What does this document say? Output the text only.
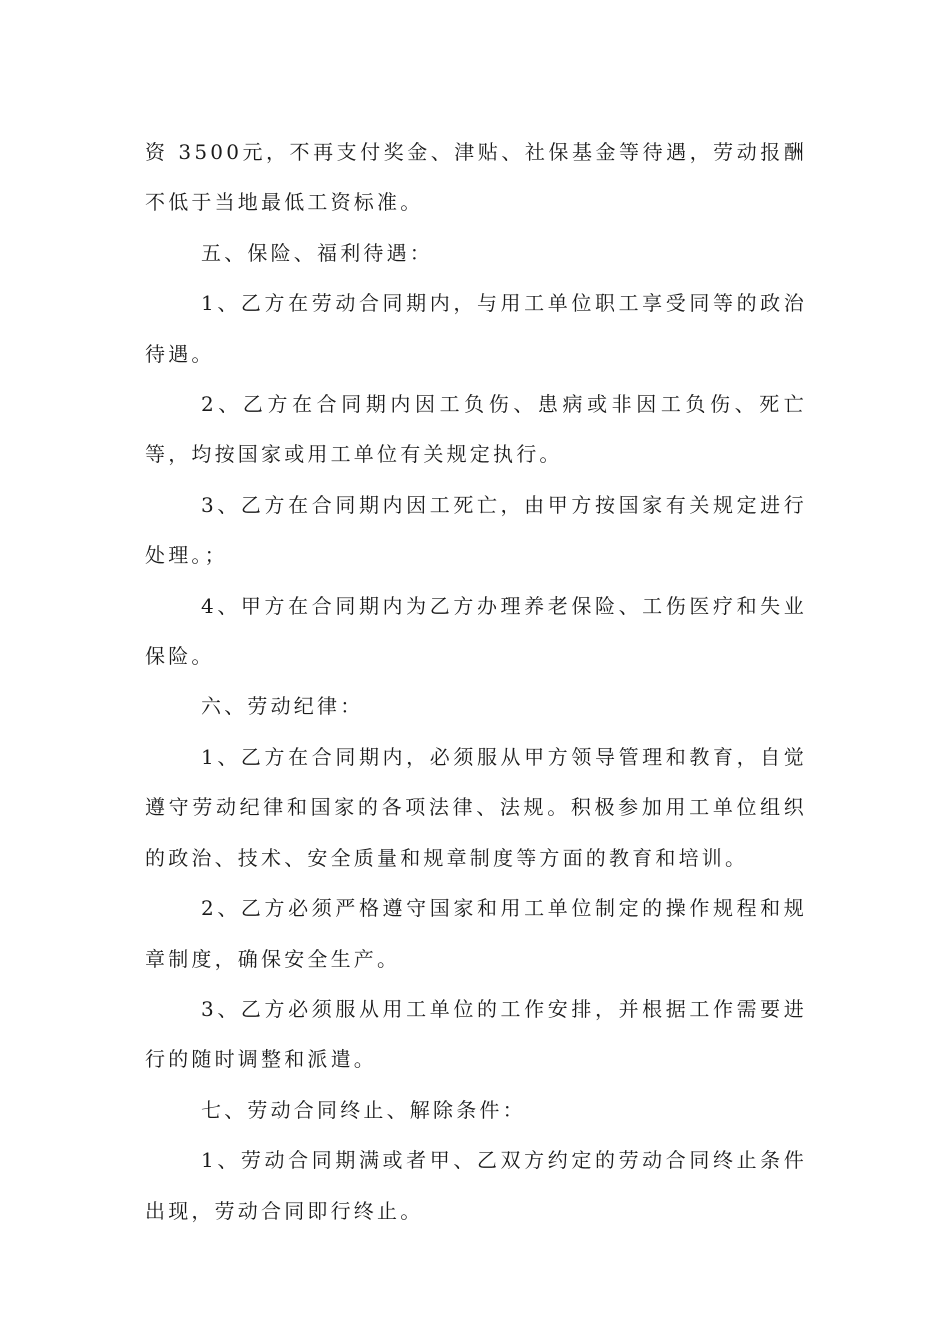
资 3500元，不再支付奖金、津贴、社保基金等待遇，劳动报酬不低于当地最低工资标准。

五、保险、福利待遇：

1、乙方在劳动合同期内，与用工单位职工享受同等的政治待遇。

2、乙方在合同期内因工负伤、患病或非因工负伤、死亡等，均按国家或用工单位有关规定执行。

3、乙方在合同期内因工死亡，由甲方按国家有关规定进行处理。；

4、甲方在合同期内为乙方办理养老保险、工伤医疗和失业保险。

六、劳动纪律：

1、乙方在合同期内，必须服从甲方领导管理和教育，自觉遵守劳动纪律和国家的各项法律、法规。积极参加用工单位组织的政治、技术、安全质量和规章制度等方面的教育和培训。

2、乙方必须严格遵守国家和用工单位制定的操作规程和规章制度，确保安全生产。

3、乙方必须服从用工单位的工作安排，并根据工作需要进行的随时调整和派遣。

七、劳动合同终止、解除条件：

1、劳动合同期满或者甲、乙双方约定的劳动合同终止条件出现，劳动合同即行终止。
